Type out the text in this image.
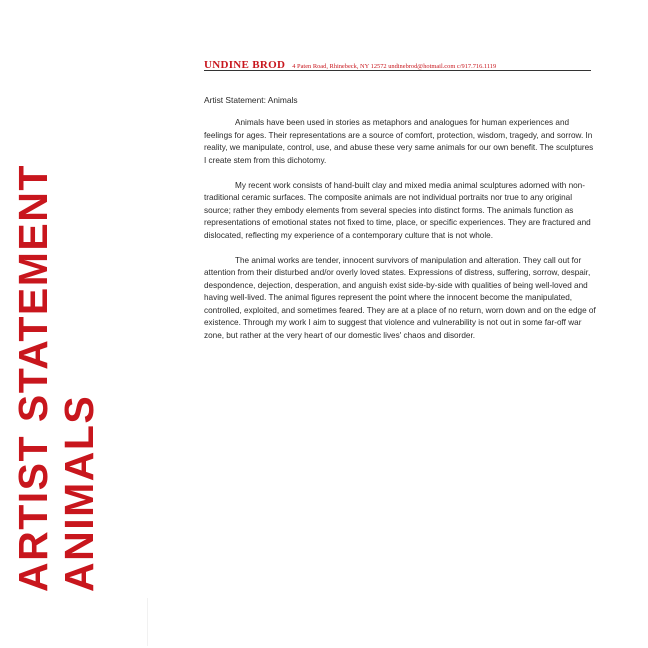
ARTIST STATEMENT ANIMALS
UNDINE BROD 4 Paten Road, Rhinebeck, NY 12572 undinebrod@hotmail.com c/917.716.1119
Artist Statement: Animals

Animals have been used in stories as metaphors and analogues for human experiences and feelings for ages. Their representations are a source of comfort, protection, wisdom, tragedy, and sorrow. In reality, we manipulate, control, use, and abuse these very same animals for our own benefit. The sculptures I create stem from this dichotomy.

My recent work consists of hand-built clay and mixed media animal sculptures adorned with non-traditional ceramic surfaces. The composite animals are not individual portraits nor true to any original source; rather they embody elements from several species into distinct forms. The animals function as representations of emotional states not fixed to time, place, or specific experiences. They are fractured and dislocated, reflecting my experience of a contemporary culture that is not whole.

The animal works are tender, innocent survivors of manipulation and alteration. They call out for attention from their disturbed and/or overly loved states. Expressions of distress, suffering, sorrow, despair, despondence, dejection, desperation, and anguish exist side-by-side with qualities of being well-loved and having well-lived. The animal figures represent the point where the innocent become the manipulated, controlled, exploited, and sometimes feared. They are at a place of no return, worn down and on the edge of existence. Through my work I aim to suggest that violence and vulnerability is not out in some far-off war zone, but rather at the very heart of our domestic lives' chaos and disorder.
